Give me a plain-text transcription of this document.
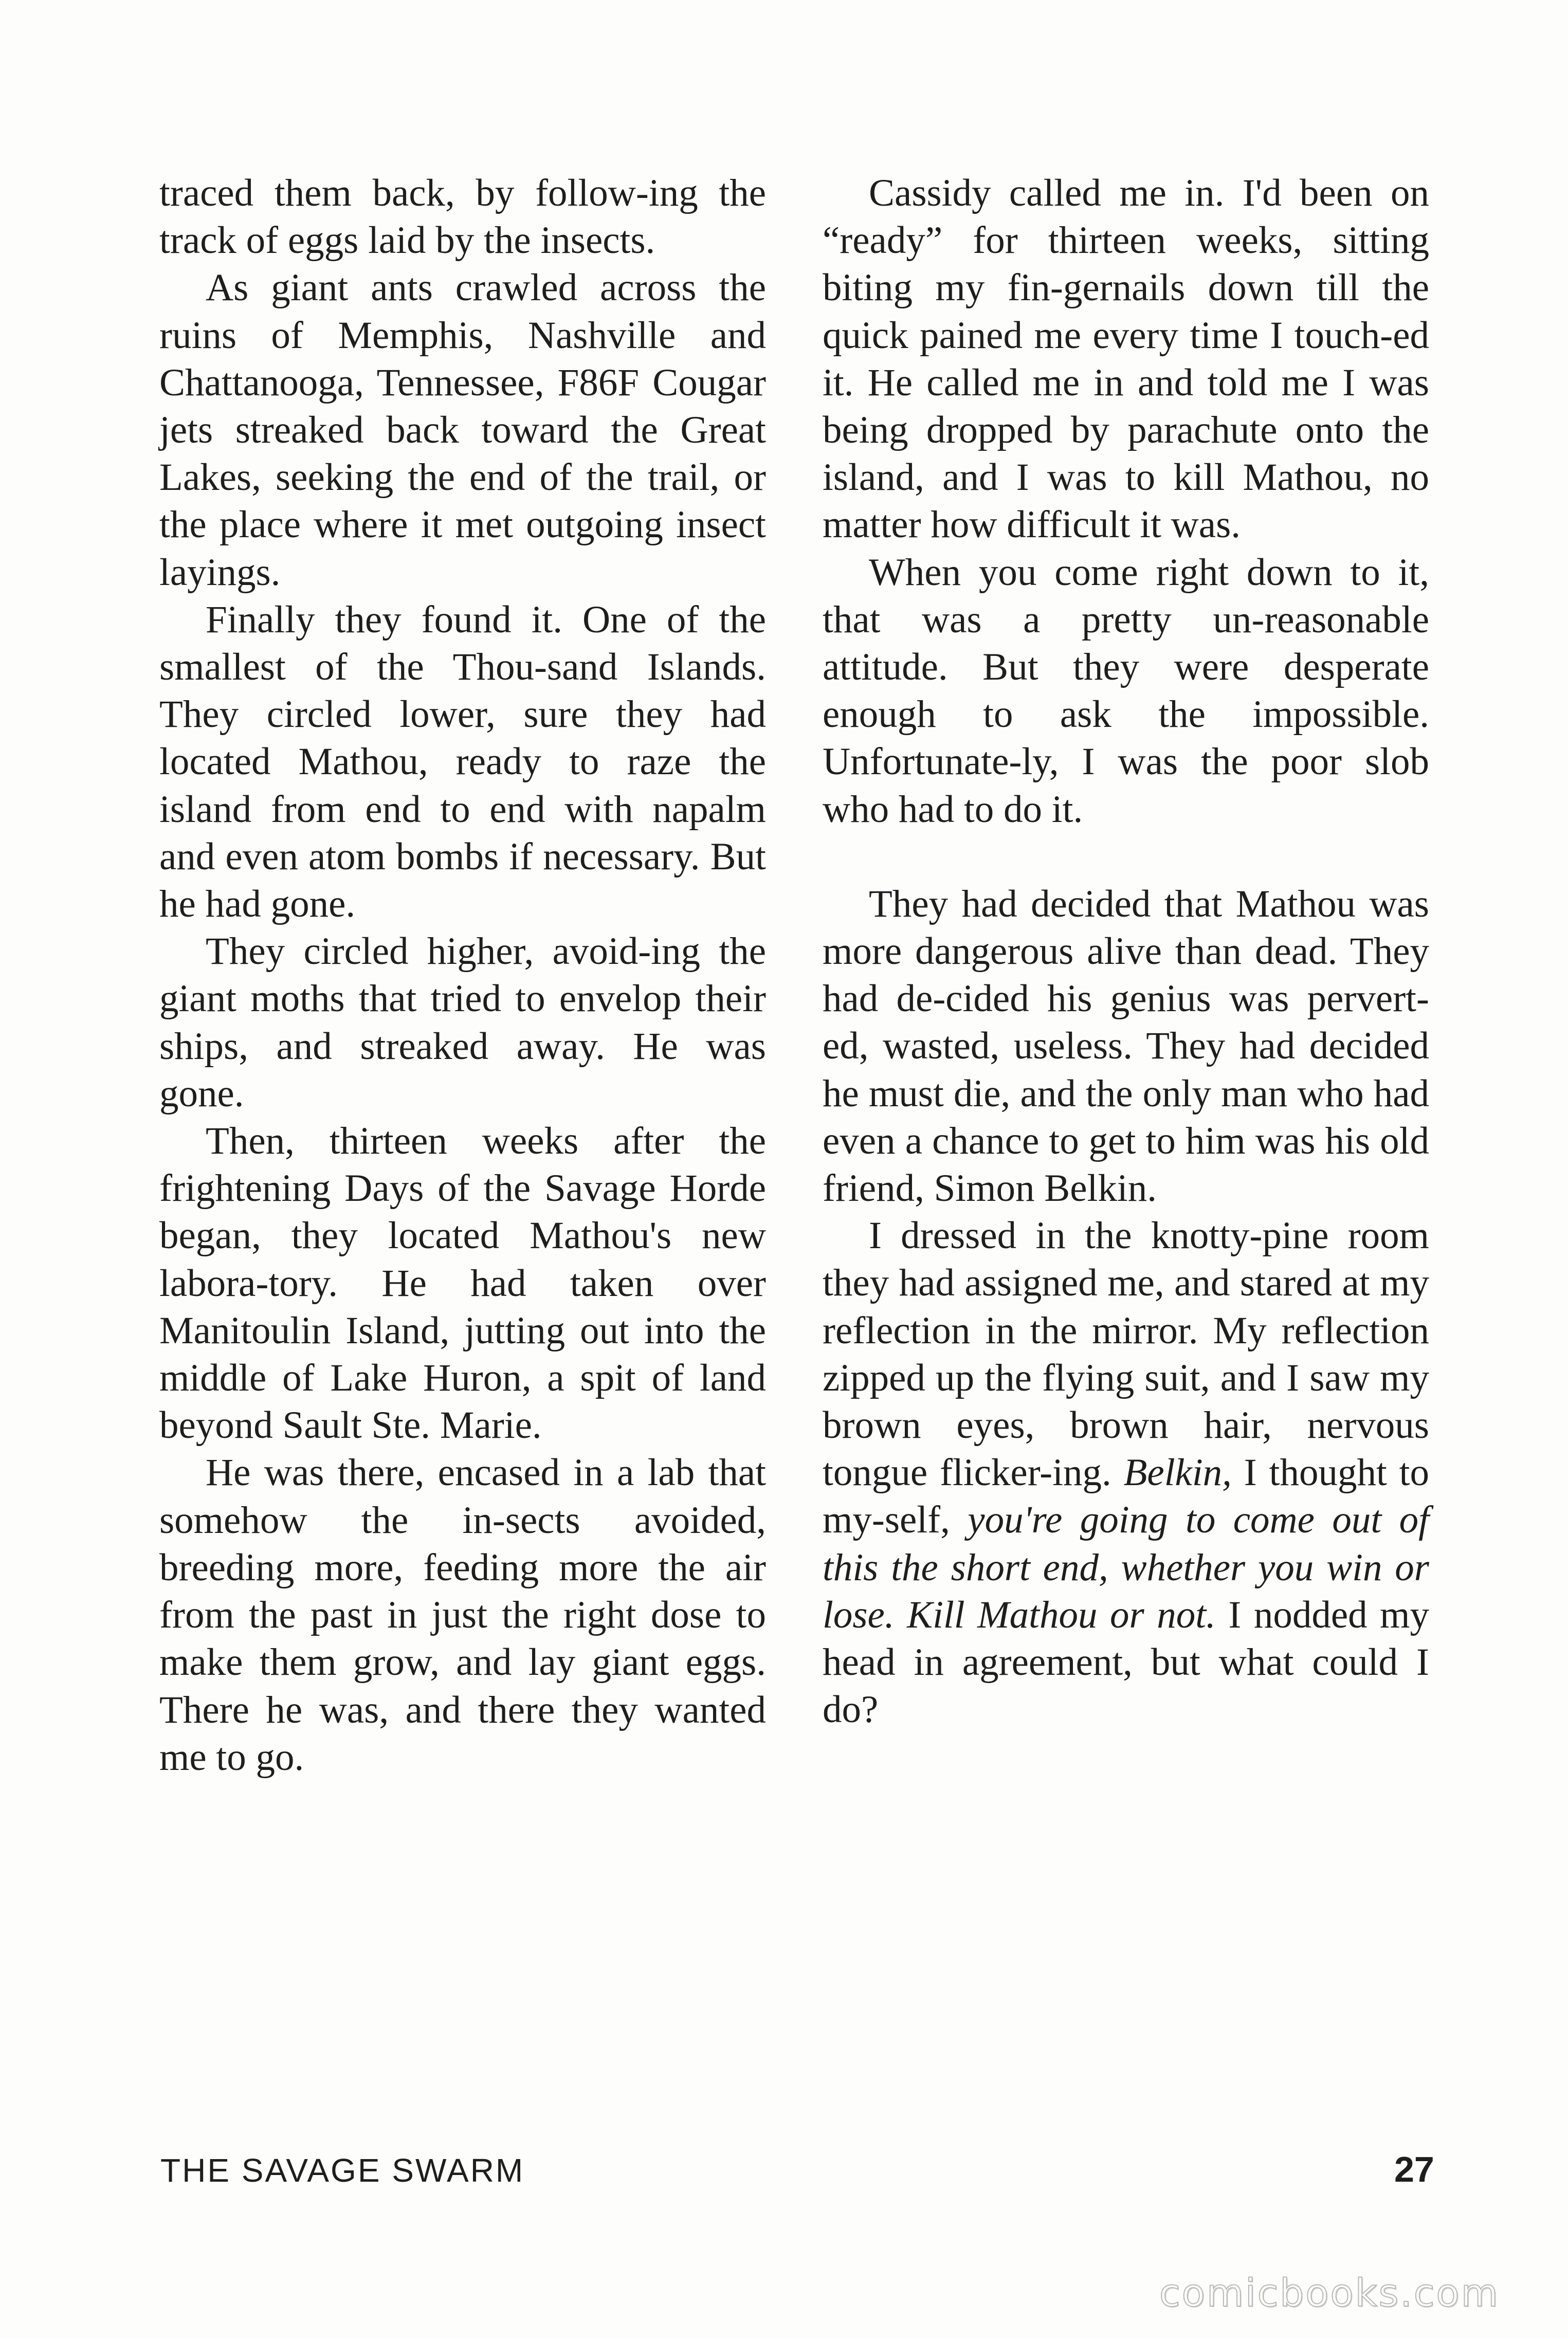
traced them back, by follow-ing the track of eggs laid by the insects.

As giant ants crawled across the ruins of Memphis, Nashville and Chattanooga, Tennessee, F86F Cougar jets streaked back toward the Great Lakes, seeking the end of the trail, or the place where it met outgoing insect layings.

Finally they found it. One of the smallest of the Thou-sand Islands. They circled lower, sure they had located Mathou, ready to raze the island from end to end with napalm and even atom bombs if necessary. But he had gone.

They circled higher, avoid-ing the giant moths that tried to envelop their ships, and streaked away. He was gone.

Then, thirteen weeks after the frightening Days of the Savage Horde began, they located Mathou's new labora-tory. He had taken over Manitoulin Island, jutting out into the middle of Lake Huron, a spit of land beyond Sault Ste. Marie.

He was there, encased in a lab that somehow the in-sects avoided, breeding more, feeding more the air from the past in just the right dose to make them grow, and lay giant eggs. There he was, and there they wanted me to go.

Cassidy called me in. I'd been on “ready” for thirteen weeks, sitting biting my fin-gernails down till the quick pained me every time I touch-ed it. He called me in and told me I was being dropped by parachute onto the island, and I was to kill Mathou, no matter how difficult it was.

When you come right down to it, that was a pretty un-reasonable attitude. But they were desperate enough to ask the impossible. Unfortunate-ly, I was the poor slob who had to do it.

They had decided that Mathou was more dangerous alive than dead. They had de-cided his genius was pervert-ed, wasted, useless. They had decided he must die, and the only man who had even a chance to get to him was his old friend, Simon Belkin.

I dressed in the knotty-pine room they had assigned me, and stared at my reflection in the mirror. My reflection zipped up the flying suit, and I saw my brown eyes, brown hair, nervous tongue flicker-ing. Belkin, I thought to my-self, you're going to come out of this the short end, whether you win or lose. Kill Mathou or not. I nodded my head in agreement, but what could I do?

THE SAVAGE SWARM	27
comicbooks.com
